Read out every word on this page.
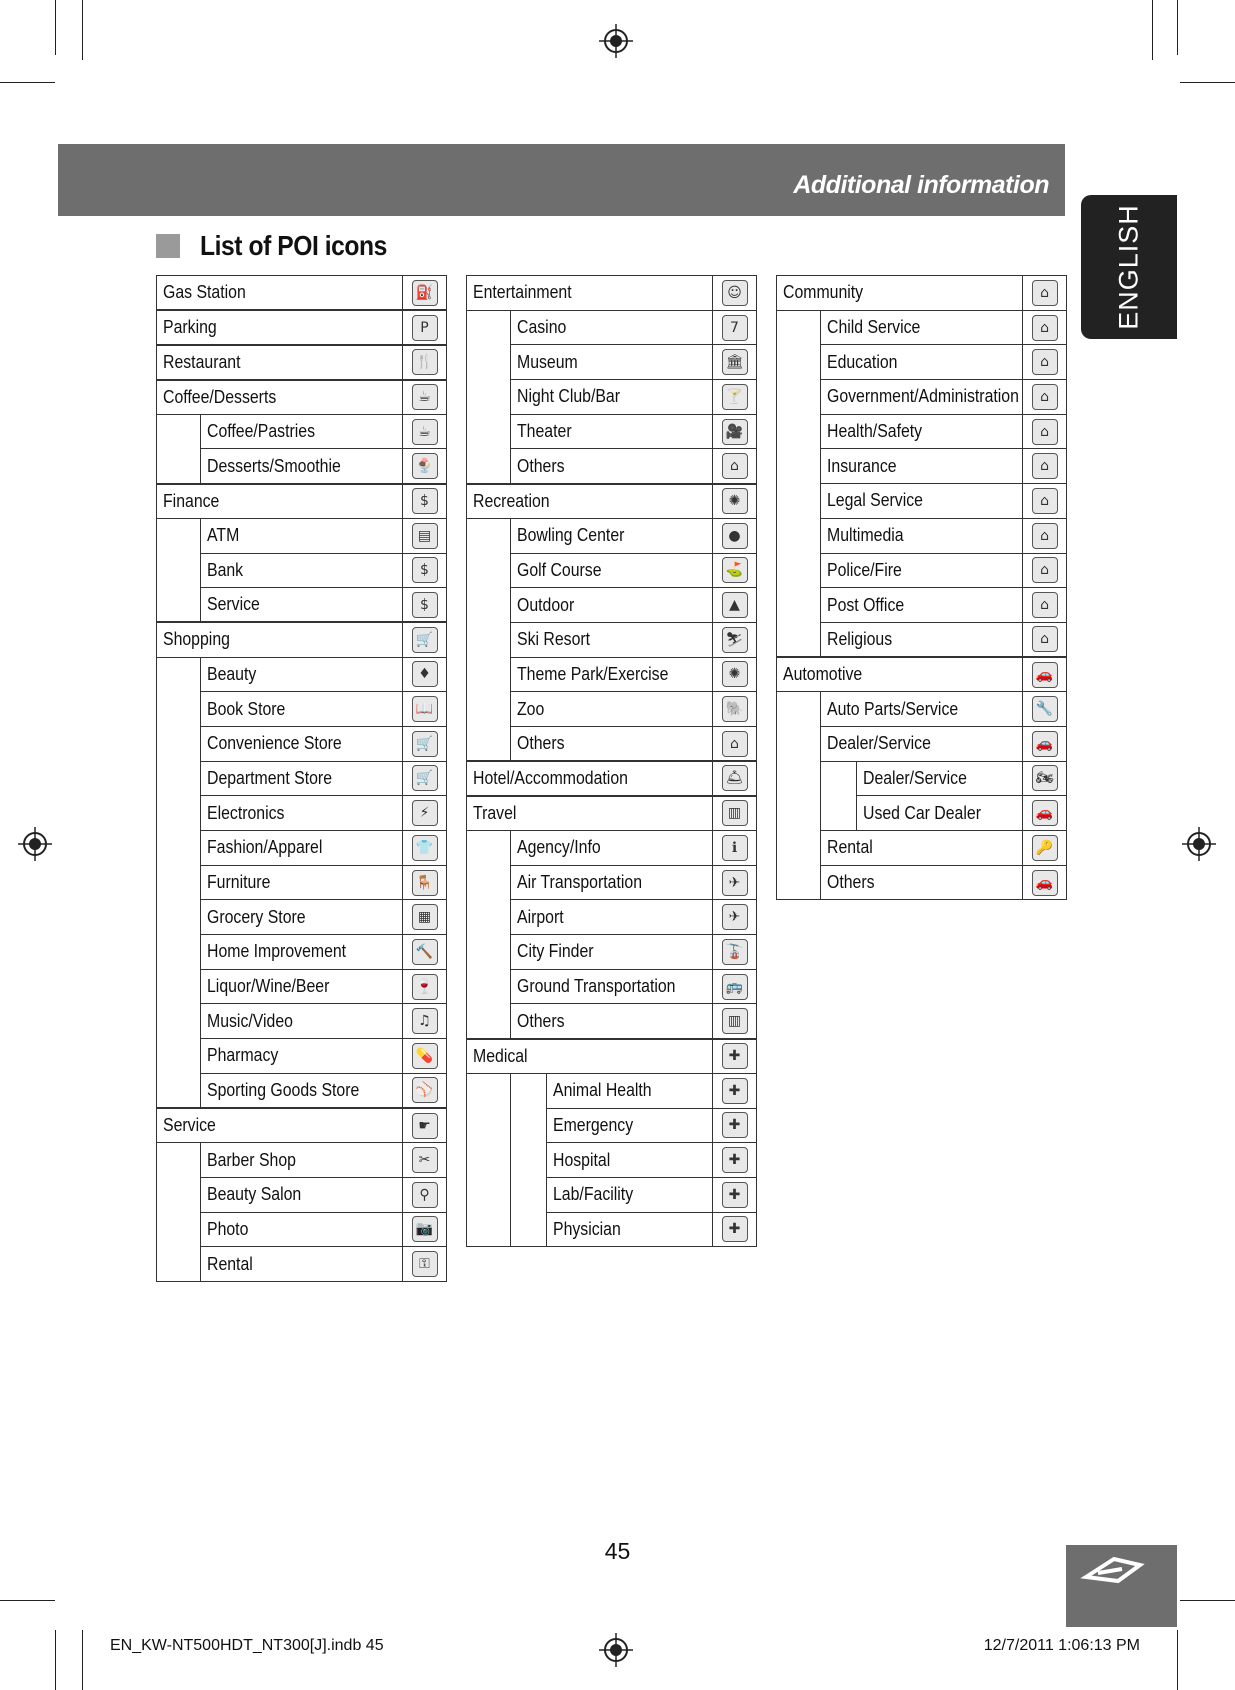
Additional information
ENGLISH
List of POI icons
Gas Station		⛽
Parking		P
Restaurant		🍴
Coffee/Desserts		☕
	Coffee/Pastries	☕
	Desserts/Smoothie	🍨
Finance		$
	ATM	▤
	Bank	$
	Service	$
Shopping		🛒
	Beauty	♦
	Book Store	📖
	Convenience Store	🛒
	Department Store	🛒
	Electronics	⚡
	Fashion/Apparel	👕
	Furniture	🪑
	Grocery Store	▦
	Home Improvement	🔨
	Liquor/Wine/Beer	🍷
	Music/Video	♫
	Pharmacy	💊
	Sporting Goods Store	⚾
Service		☛
	Barber Shop	✂
	Beauty Salon	⚲
	Photo	📷
	Rental	⚿
Entertainment			☺
	Casino		7
	Museum		🏛
	Night Club/Bar		🍸
	Theater		🎥
	Others		⌂
Recreation			✺
	Bowling Center		●
	Golf Course		⛳
	Outdoor		▲
	Ski Resort		⛷
	Theme Park/Exercise		✺
	Zoo		🐘
	Others		⌂
Hotel/Accommodation			🛎
Travel			▥
	Agency/Info		ℹ
	Air Transportation		✈
	Airport		✈
	City Finder		🚡
	Ground Transportation		🚌
	Others		▥
Medical			✚
		Animal Health	✚
		Emergency	✚
		Hospital	✚
		Lab/Facility	✚
		Physician	✚
Community			⌂
	Child Service		⌂
	Education		⌂
	Government/Administration		⌂
	Health/Safety		⌂
	Insurance		⌂
	Legal Service		⌂
	Multimedia		⌂
	Police/Fire		⌂
	Post Office		⌂
	Religious		⌂
Automotive			🚗
	Auto Parts/Service		🔧
	Dealer/Service		🚗
		Dealer/Service	🏍
		Used Car Dealer	🚗
	Rental		🔑
	Others		🚗
45
EN_KW-NT500HDT_NT300[J].indb 45	12/7/2011 1:06:13 PM
